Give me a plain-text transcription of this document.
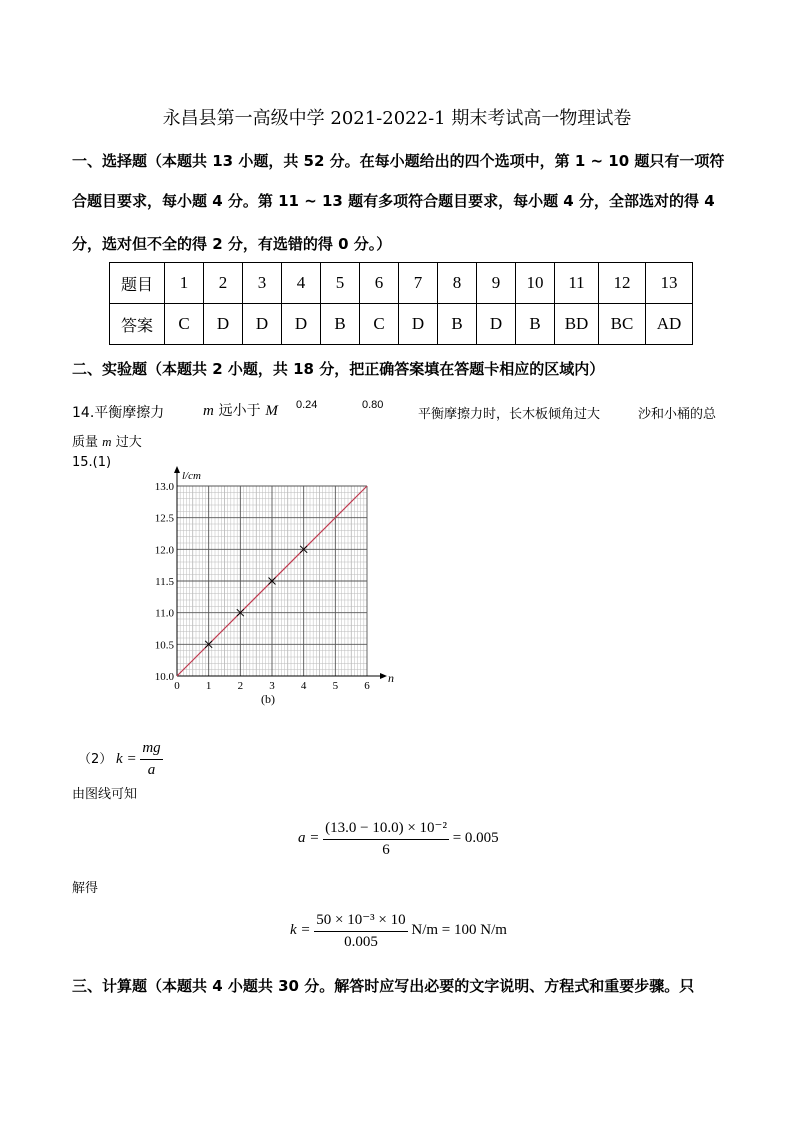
永昌县第一高级中学 2021-2022-1 期末考试高一物理试卷
一、选择题（本题共 13 小题，共 52 分。在每小题给出的四个选项中，第 1 ~ 10 题只有一项符
合题目要求，每小题 4 分。第 11 ~ 13 题有多项符合题目要求，每小题 4 分，全部选对的得 4
分，选对但不全的得 2 分，有选错的得 0 分。）
题目	1	2	3	4	5	6	7	8	9	10	11	12	13
答案	C	D	D	D	B	C	D	B	D	B	BD	BC	AD
二、实验题（本题共 2 小题，共 18 分，把正确答案填在答题卡相应的区域内）
14.平衡摩擦力	m 远小于 M 0.24	0.80
平衡摩擦力时，长木板倾角过大	沙和小桶的总
质量 m 过大
15.(1)
0 1 2 3 4 5 6
10.0
10.5
11.0
11.5
12.0
12.5
13.0
l/cm
n
(b)
（2） $k = \frac{mg}{a}$
由图线可知
$a = \frac{\text{(13.0 − 10.0) × 10⁻²}}{6} = 0.005$
解得
$k = \frac{\text{50 × 10⁻³ × 10}}{0.005} N/m = 100$ N/m
三、计算题（本题共 4 小题共 30 分。解答时应写出必要的文字说明、方程式和重要步骤。只
